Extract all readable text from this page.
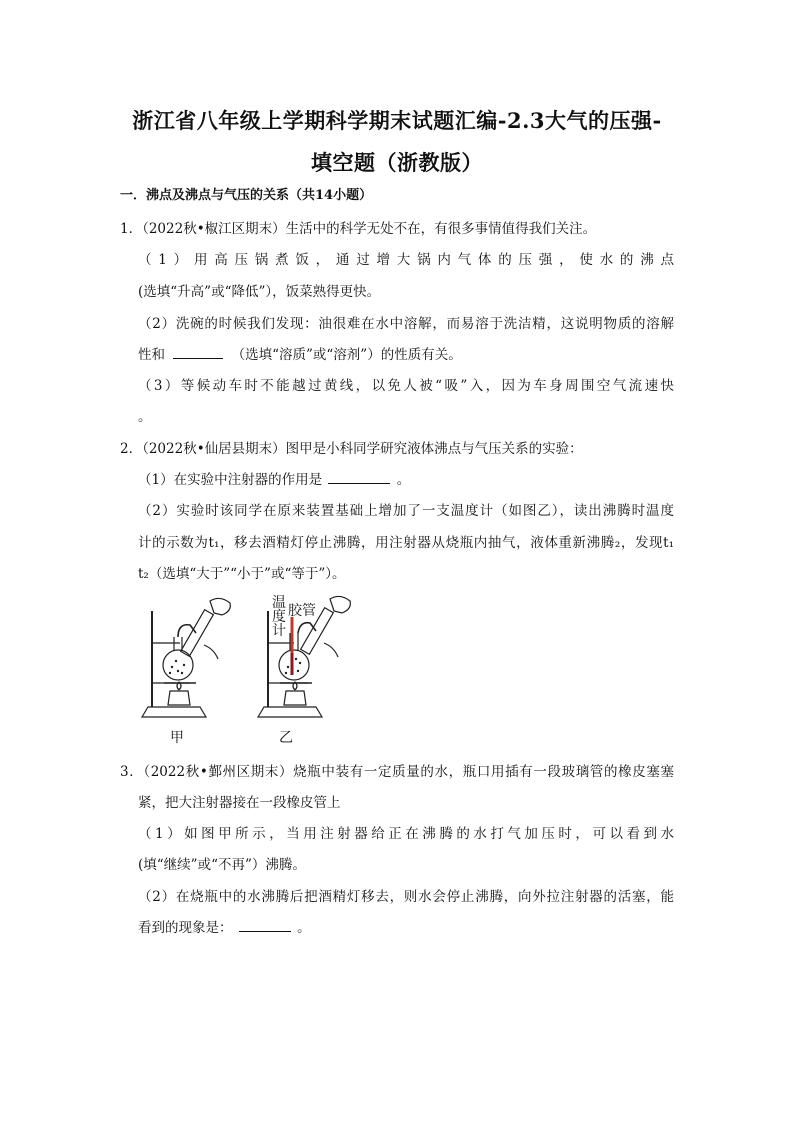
浙江省八年级上学期科学期末试题汇编-2.3大气的压强-
填空题（浙教版）
一．沸点及沸点与气压的关系（共14小题）
1．（2022秋•椒江区期末）生活中的科学无处不在，有很多事情值得我们关注。
（1）用高压锅煮饭，通过增大锅内气体的压强，使水的沸点
(选填“升高”或“降低”），饭菜熟得更快。
（2）洗碗的时候我们发现：油很难在水中溶解，而易溶于洗洁精，这说明物质的溶解
性和	（选填“溶质”或“溶剂”）的性质有关。
（3）等候动车时不能越过黄线，以免人被“吸”入，因为车身周围空气流速快
。
2．（2022秋•仙居县期末）图甲是小科同学研究液体沸点与气压关系的实验：
（1）在实验中注射器的作用是	。
（2）实验时该同学在原来装置基础上增加了一支温度计（如图乙），读出沸腾时温度
计的示数为t₁，移去酒精灯停止沸腾，用注射器从烧瓶内抽气，液体重新沸腾₂，发现t₁
t₂（选填“大于”“小于”或“等于”）。
甲
温
度
计
胶管
乙
3．（2022秋•鄞州区期末）烧瓶中装有一定质量的水，瓶口用插有一段玻璃管的橡皮塞塞
紧，把大注射器接在一段橡皮管上
（1）如图甲所示，当用注射器给正在沸腾的水打气加压时，可以看到水
(填“继续”或“不再”）沸腾。
（2）在烧瓶中的水沸腾后把酒精灯移去，则水会停止沸腾，向外拉注射器的活塞，能
看到的现象是：	。
